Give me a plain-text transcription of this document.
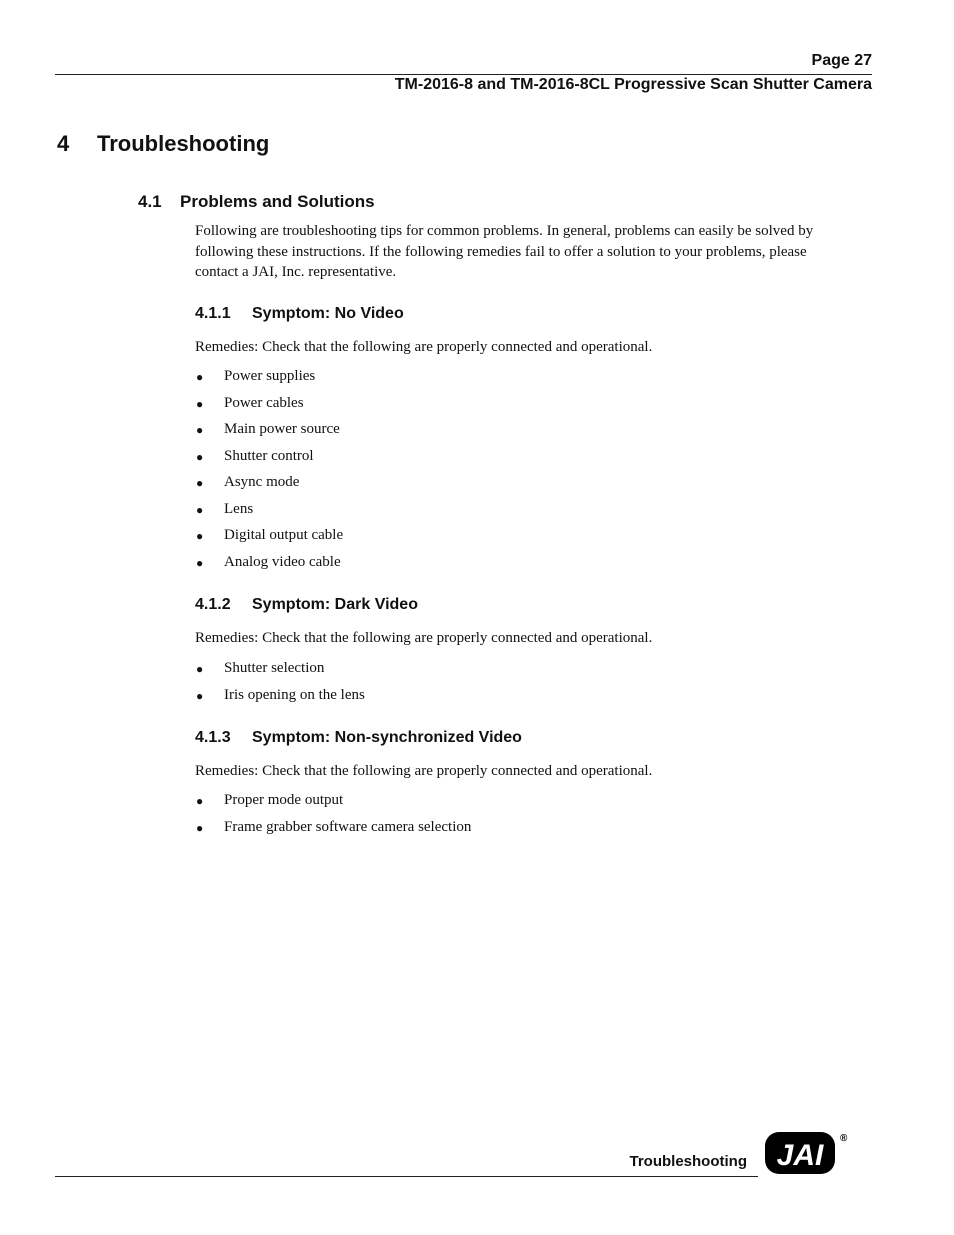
Page 27
TM-2016-8 and TM-2016-8CL Progressive Scan Shutter Camera
4	Troubleshooting
4.1	Problems and Solutions

Following are troubleshooting tips for common problems. In general, problems can easily be solved by following these instructions. If the following remedies fail to offer a solution to your problems, please contact a JAI, Inc. representative.

4.1.1	Symptom: No Video
Remedies: Check that the following are properly connected and operational.
●	Power supplies
●	Power cables
●	Main power source
●	Shutter control
●	Async mode
●	Lens
●	Digital output cable
●	Analog video cable
4.1.2	Symptom: Dark Video
Remedies: Check that the following are properly connected and operational.
●	Shutter selection
●	Iris opening on the lens
4.1.3	Symptom: Non-synchronized Video
Remedies: Check that the following are properly connected and operational.
●	Proper mode output
●	Frame grabber software camera selection
Troubleshooting JAI
®
